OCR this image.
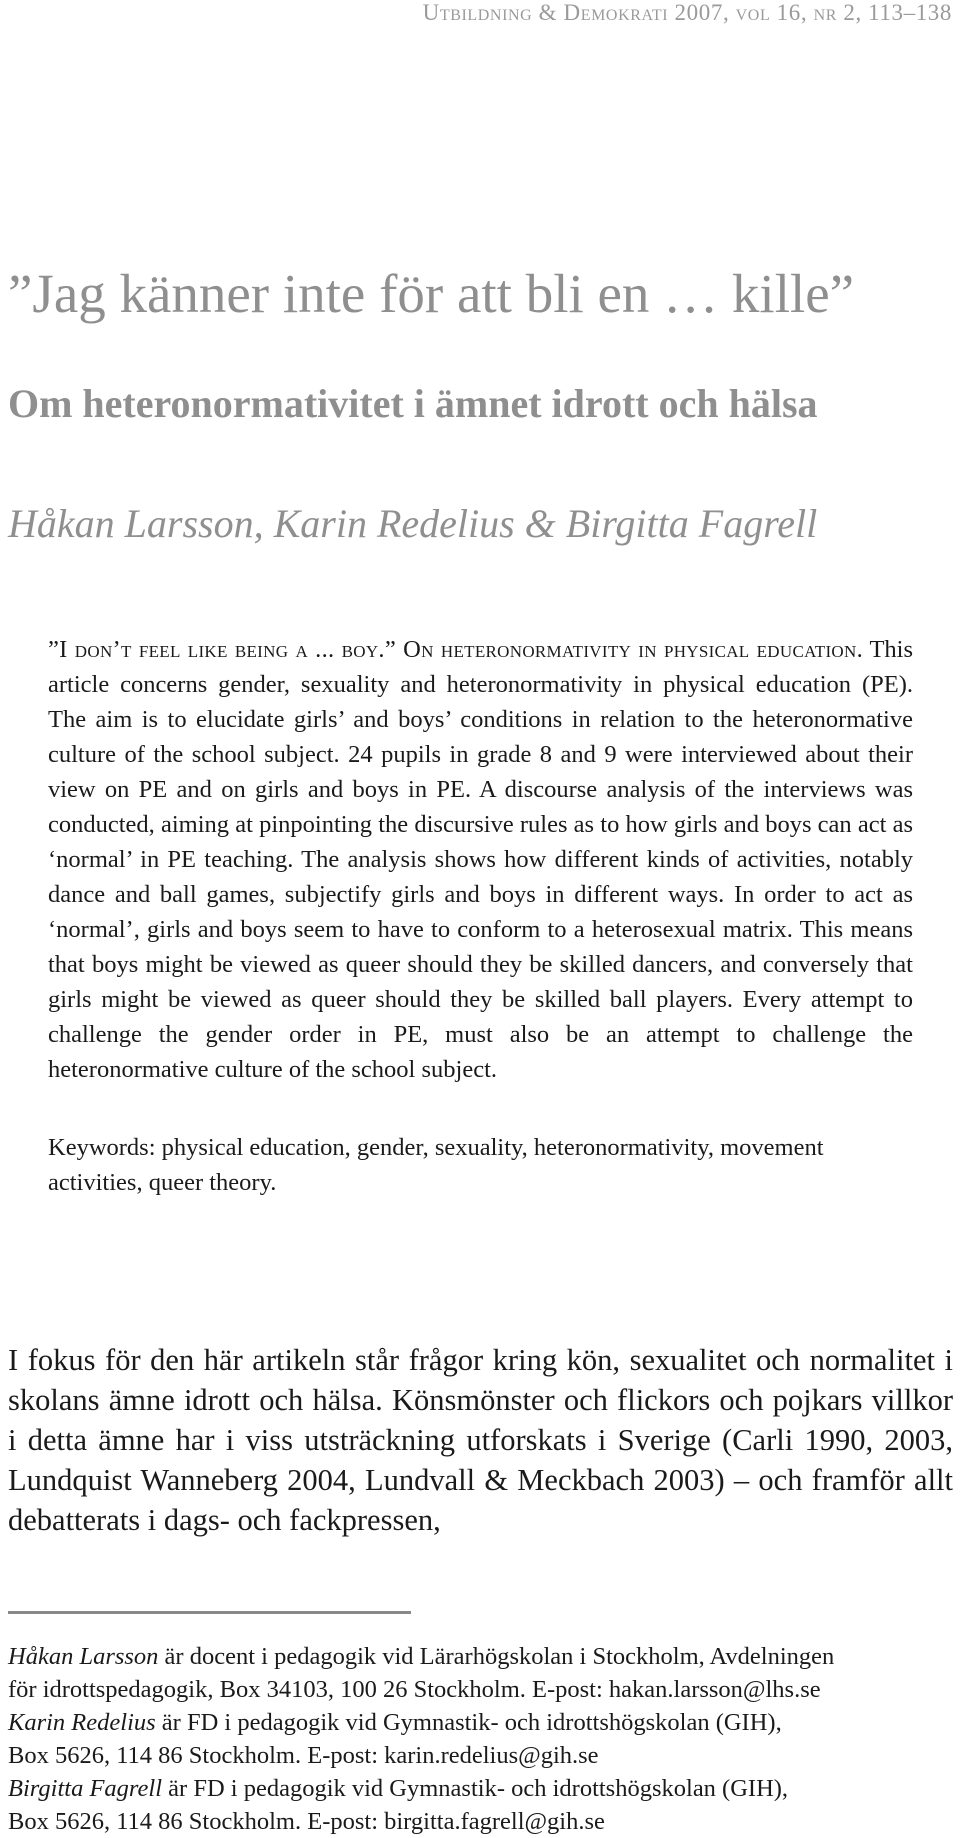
Utbildning & Demokrati 2007, vol 16, nr 2, 113–138
”Jag känner inte för att bli en … kille”
Om heteronormativitet i ämnet idrott och hälsa
Håkan Larsson, Karin Redelius & Birgitta Fagrell

”I don’t feel like being a ... boy.” On heteronormativity in physical education. This article concerns gender, sexuality and heteronormativity in physical education (PE). The aim is to elucidate girls’ and boys’ conditions in relation to the heteronormative culture of the school subject. 24 pupils in grade 8 and 9 were interviewed about their view on PE and on girls and boys in PE. A discourse analysis of the interviews was conducted, aiming at pinpointing the discursive rules as to how girls and boys can act as ‘normal’ in PE teaching. The analysis shows how different kinds of activities, notably dance and ball games, subjectify girls and boys in different ways. In order to act as ‘normal’, girls and boys seem to have to conform to a heterosexual matrix. This means that boys might be viewed as queer should they be skilled dancers, and conversely that girls might be viewed as queer should they be skilled ball players. Every attempt to challenge the gender order in PE, must also be an attempt to challenge the heteronormative culture of the school subject.

Keywords: physical education, gender, sexuality, heteronormativity, movement activities, queer theory.

I fokus för den här artikeln står frågor kring kön, sexualitet och normalitet i skolans ämne idrott och hälsa. Könsmönster och flickors och pojkars villkor i detta ämne har i viss utsträckning utforskats i Sverige (Carli 1990, 2003, Lundquist Wanneberg 2004, Lundvall & Meckbach 2003) – och framför allt debatterats i dags- och fackpressen,

Håkan Larsson är docent i pedagogik vid Lärarhögskolan i Stockholm, Avdelningen
för idrottspedagogik, Box 34103, 100 26 Stockholm. E-post: hakan.larsson@lhs.se
Karin Redelius är FD i pedagogik vid Gymnastik- och idrottshögskolan (GIH),
Box 5626, 114 86 Stockholm. E-post: karin.redelius@gih.se
Birgitta Fagrell är FD i pedagogik vid Gymnastik- och idrottshögskolan (GIH),
Box 5626, 114 86 Stockholm. E-post: birgitta.fagrell@gih.se
